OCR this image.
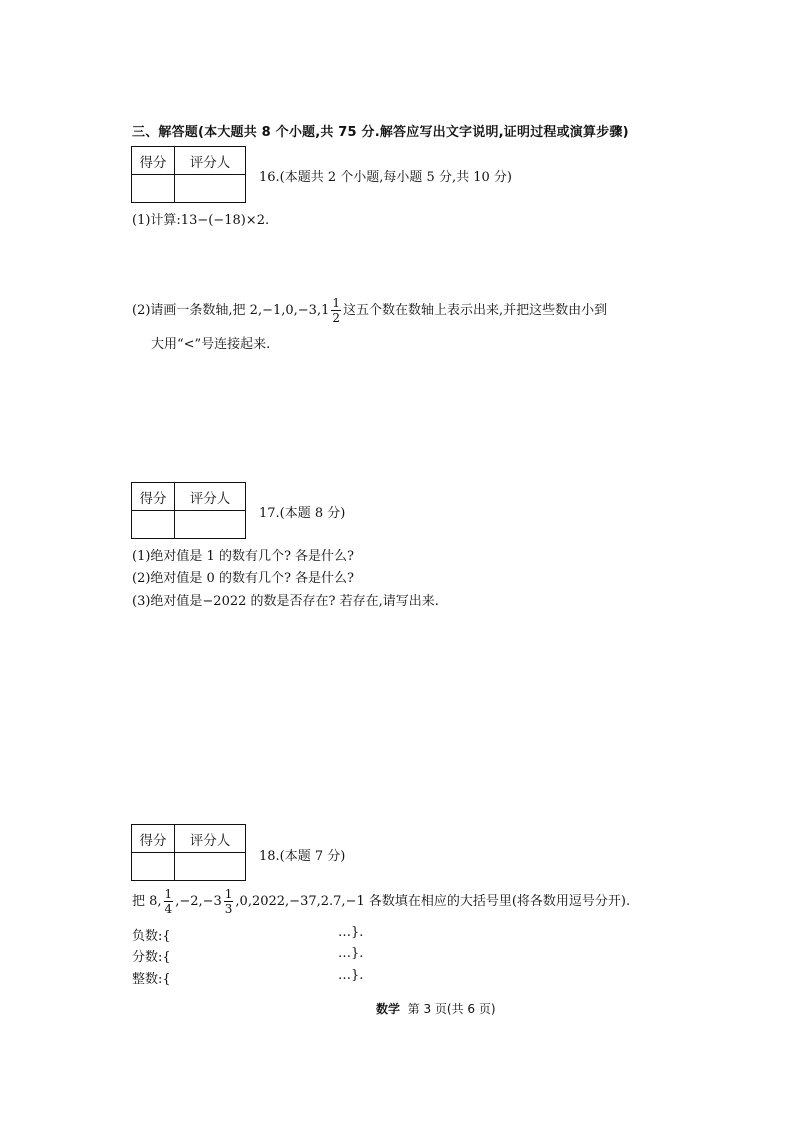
三、解答题(本大题共 8 个小题,共 75 分.解答应写出文字说明,证明过程或演算步骤)
得分	评分人

16.(本题共 2 个小题,每小题 5 分,共 10 分)
(1)计算:13−(−18)×2.
(2)请画一条数轴,把 $2,-1,0,-3,1 \frac{1}{2}$ 这五个数在数轴上表示出来,并把这些数由小到
大用“<”号连接起来.
得分	评分人

17.(本题 8 分)
(1)绝对值是 1 的数有几个? 各是什么?
(2)绝对值是 0 的数有几个? 各是什么?
(3)绝对值是−2022 的数是否存在? 若存在,请写出来.
得分	评分人

18.(本题 7 分)
把 8, $\frac{1}{4} ,-2,-3 \frac{1}{3} ,0,2022,-37,2.7,-1$ 各数填在相应的大括号里(将各数用逗号分开).
负数:{	…}.
分数:{	…}.
整数:{	…}.
数学 第 3 页(共 6 页)
